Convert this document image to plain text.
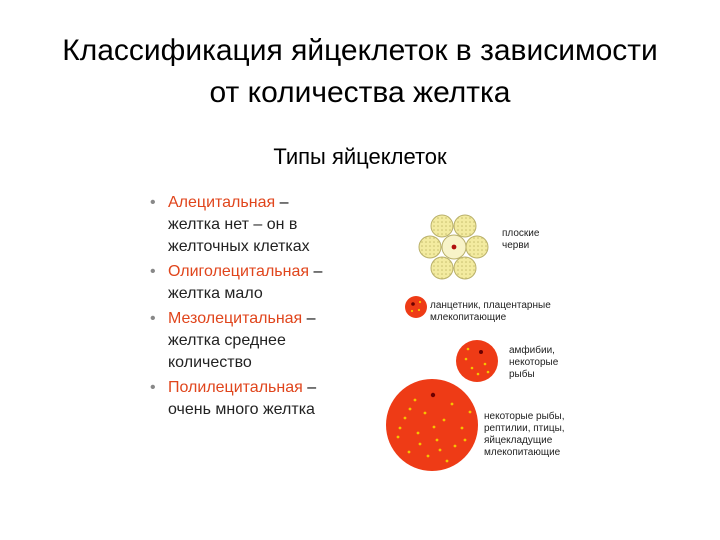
Классификация яйцеклеток в зависимости
от количества желтка
Типы яйцеклеток
• Алецитальная –
желтка нет – он в
желточных клетках
• Олиголецитальная –
желтка мало
• Мезолецитальная –
желтка среднее
количество
• Полилецитальная –
очень много желтка
плоские
черви
ланцетник, плацентарные
млекопитающие
амфибии,
некоторые
рыбы
некоторые рыбы,
рептилии, птицы,
яйцекладущие
млекопитающие
